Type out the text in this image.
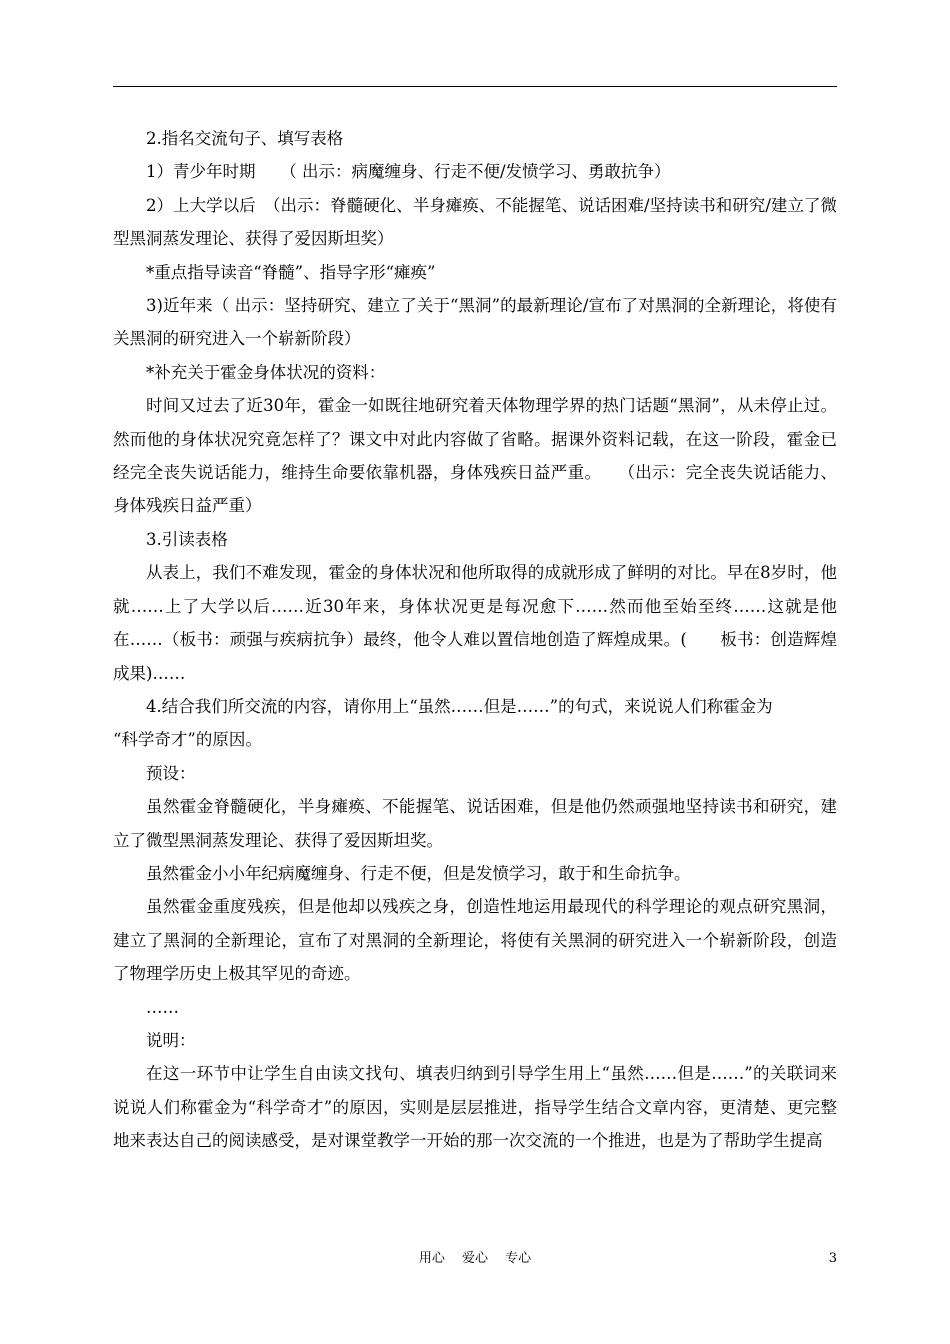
2.指名交流句子、填写表格

1）青少年时期　　（ 出示：病魔缠身、行走不便/发愤学习、勇敢抗争）

2）上大学以后　（出示：脊髓硬化、半身瘫痪、不能握笔、说话困难/坚持读书和研究/建立了微型黑洞蒸发理论、获得了爱因斯坦奖）

*重点指导读音“脊髓”、指导字形“瘫痪”

3)近年来（ 出示：坚持研究、建立了关于“黑洞”的最新理论/宣布了对黑洞的全新理论，将使有关黑洞的研究进入一个崭新阶段）

*补充关于霍金身体状况的资料：

时间又过去了近30年，霍金一如既往地研究着天体物理学界的热门话题“黑洞”，从未停止过。然而他的身体状况究竟怎样了？课文中对此内容做了省略。据课外资料记载，在这一阶段，霍金已经完全丧失说话能力，维持生命要依靠机器，身体残疾日益严重。　　（出示：完全丧失说话能力、身体残疾日益严重）

3.引读表格

从表上，我们不难发现，霍金的身体状况和他所取得的成就形成了鲜明的对比。早在8岁时，他就……上了大学以后……近30年来，身体状况更是每况愈下……然而他至始至终……这就是他在……（板书：顽强与疾病抗争）最终，他令人难以置信地创造了辉煌成果。(　　板书：创造辉煌成果)……

4.结合我们所交流的内容，请你用上“虽然……但是……”的句式，来说说人们称霍金为

“科学奇才”的原因。

预设：

虽然霍金脊髓硬化，半身瘫痪、不能握笔、说话困难，但是他仍然顽强地坚持读书和研究，建立了微型黑洞蒸发理论、获得了爱因斯坦奖。

虽然霍金小小年纪病魔缠身、行走不便，但是发愤学习，敢于和生命抗争。

虽然霍金重度残疾，但是他却以残疾之身，创造性地运用最现代的科学理论的观点研究黑洞，建立了黑洞的全新理论，宣布了对黑洞的全新理论，将使有关黑洞的研究进入一个崭新阶段，创造了物理学历史上极其罕见的奇迹。

……

说明：

在这一环节中让学生自由读文找句、填表归纳到引导学生用上“虽然……但是……”的关联词来说说人们称霍金为“科学奇才”的原因，实则是层层推进，指导学生结合文章内容，更清楚、更完整地来表达自己的阅读感受，是对课堂教学一开始的那一次交流的一个推进，也是为了帮助学生提高

用心　 爱心　 专心	3
